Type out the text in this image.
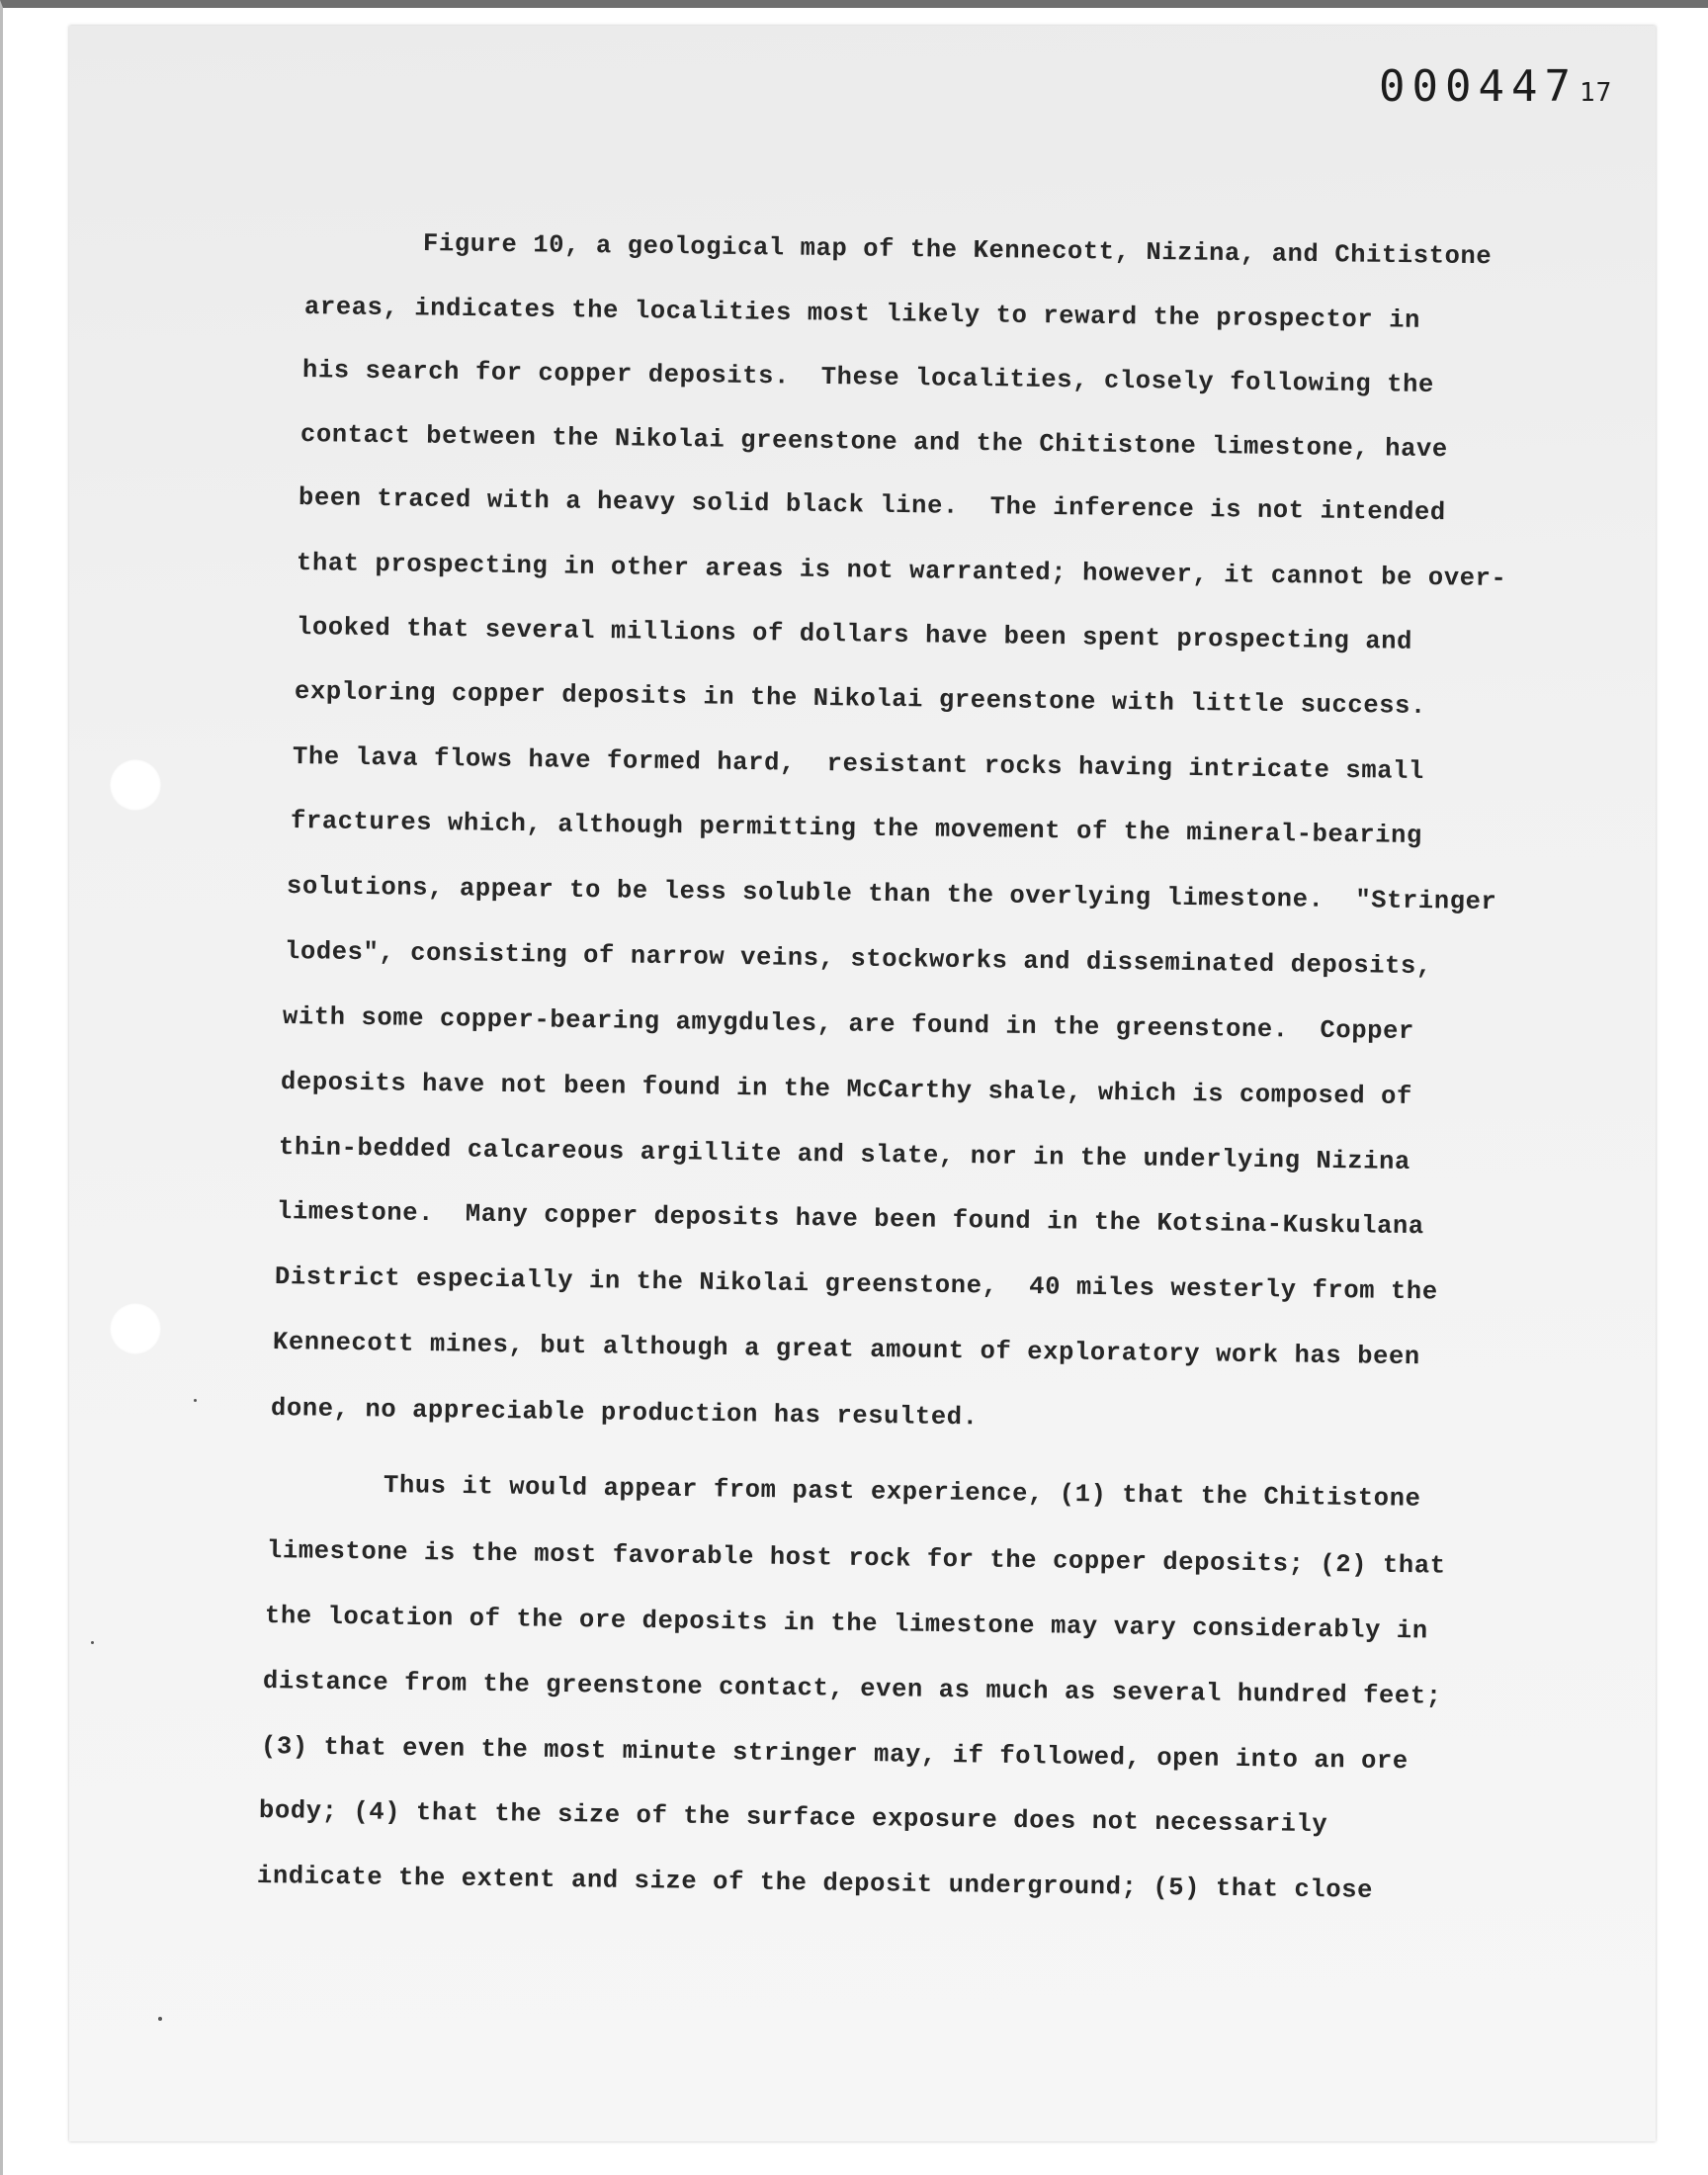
00044717
Figure 10, a geological map of the Kennecott, Nizina, and Chitistone
areas, indicates the localities most likely to reward the prospector in
his search for copper deposits.  These localities, closely following the
contact between the Nikolai greenstone and the Chitistone limestone, have
been traced with a heavy solid black line.  The inference is not intended
that prospecting in other areas is not warranted; however, it cannot be over-
looked that several millions of dollars have been spent prospecting and
exploring copper deposits in the Nikolai greenstone with little success.
The lava flows have formed hard,  resistant rocks having intricate small
fractures which, although permitting the movement of the mineral-bearing
solutions, appear to be less soluble than the overlying limestone.  "Stringer
lodes", consisting of narrow veins, stockworks and disseminated deposits,
with some copper-bearing amygdules, are found in the greenstone.  Copper
deposits have not been found in the McCarthy shale, which is composed of
thin-bedded calcareous argillite and slate, nor in the underlying Nizina
limestone.  Many copper deposits have been found in the Kotsina-Kuskulana
District especially in the Nikolai greenstone,  40 miles westerly from the
Kennecott mines, but although a great amount of exploratory work has been
done, no appreciable production has resulted.
Thus it would appear from past experience, (1) that the Chitistone
limestone is the most favorable host rock for the copper deposits; (2) that
the location of the ore deposits in the limestone may vary considerably in
distance from the greenstone contact, even as much as several hundred feet;
(3) that even the most minute stringer may, if followed, open into an ore
body; (4) that the size of the surface exposure does not necessarily
indicate the extent and size of the deposit underground; (5) that close
